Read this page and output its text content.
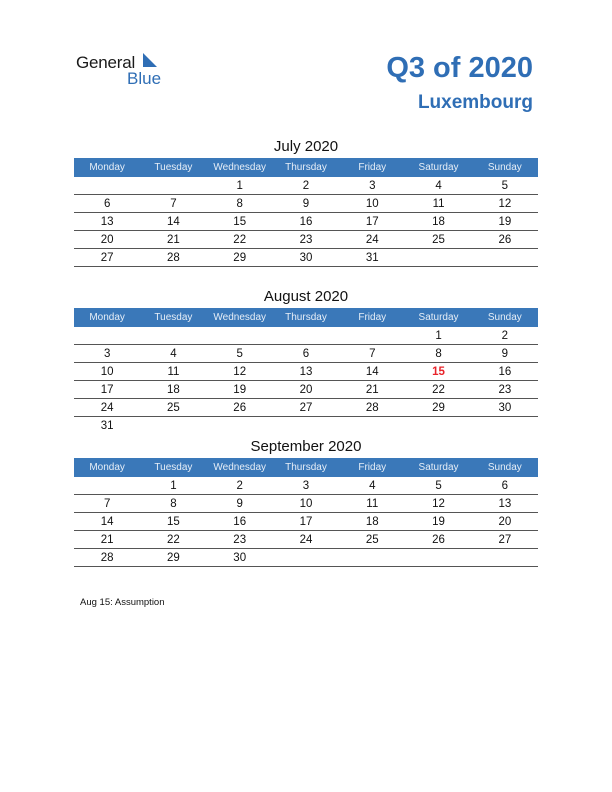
General
Blue	Q3 of 2020
Luxembourg
July 2020
Monday	Tuesday	Wednesday	Thursday	Friday	Saturday	Sunday
		1	2	3	4	5
6	7	8	9	10	11	12
13	14	15	16	17	18	19
20	21	22	23	24	25	26
27	28	29	30	31		
August 2020
Monday	Tuesday	Wednesday	Thursday	Friday	Saturday	Sunday
					1	2
3	4	5	6	7	8	9
10	11	12	13	14	15	16
17	18	19	20	21	22	23
24	25	26	27	28	29	30
31						
September 2020
Monday	Tuesday	Wednesday	Thursday	Friday	Saturday	Sunday
	1	2	3	4	5	6
7	8	9	10	11	12	13
14	15	16	17	18	19	20
21	22	23	24	25	26	27
28	29	30				
Aug 15: Assumption
